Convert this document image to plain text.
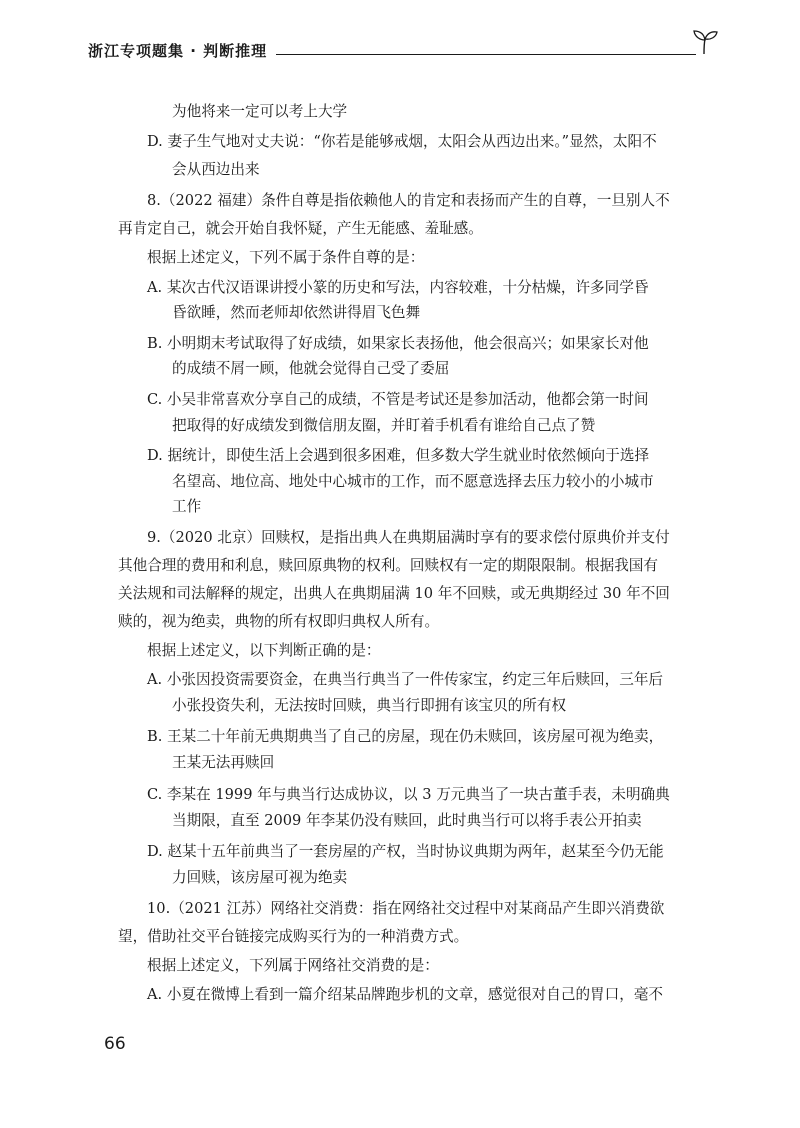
浙江专项题集 · 判断推理
为他将来一定可以考上大学
D. 妻子生气地对丈夫说：“你若是能够戒烟，太阳会从西边出来。”显然，太阳不
会从西边出来
8.（2022 福建）条件自尊是指依赖他人的肯定和表扬而产生的自尊，一旦别人不
再肯定自己，就会开始自我怀疑，产生无能感、羞耻感。
根据上述定义，下列不属于条件自尊的是：
A. 某次古代汉语课讲授小篆的历史和写法，内容较难，十分枯燥，许多同学昏
昏欲睡，然而老师却依然讲得眉飞色舞
B. 小明期末考试取得了好成绩，如果家长表扬他，他会很高兴；如果家长对他
的成绩不屑一顾，他就会觉得自己受了委屈
C. 小吴非常喜欢分享自己的成绩，不管是考试还是参加活动，他都会第一时间
把取得的好成绩发到微信朋友圈，并盯着手机看有谁给自己点了赞
D. 据统计，即使生活上会遇到很多困难，但多数大学生就业时依然倾向于选择
名望高、地位高、地处中心城市的工作，而不愿意选择去压力较小的小城市
工作
9.（2020 北京）回赎权，是指出典人在典期届满时享有的要求偿付原典价并支付
其他合理的费用和利息，赎回原典物的权利。回赎权有一定的期限限制。根据我国有
关法规和司法解释的规定，出典人在典期届满 10 年不回赎，或无典期经过 30 年不回
赎的，视为绝卖，典物的所有权即归典权人所有。
根据上述定义，以下判断正确的是：
A. 小张因投资需要资金，在典当行典当了一件传家宝，约定三年后赎回，三年后
小张投资失利，无法按时回赎，典当行即拥有该宝贝的所有权
B. 王某二十年前无典期典当了自己的房屋，现在仍未赎回，该房屋可视为绝卖，
王某无法再赎回
C. 李某在 1999 年与典当行达成协议，以 3 万元典当了一块古董手表，未明确典
当期限，直至 2009 年李某仍没有赎回，此时典当行可以将手表公开拍卖
D. 赵某十五年前典当了一套房屋的产权，当时协议典期为两年，赵某至今仍无能
力回赎，该房屋可视为绝卖
10.（2021 江苏）网络社交消费：指在网络社交过程中对某商品产生即兴消费欲
望，借助社交平台链接完成购买行为的一种消费方式。
根据上述定义，下列属于网络社交消费的是：
A. 小夏在微博上看到一篇介绍某品牌跑步机的文章，感觉很对自己的胃口，毫不
66
